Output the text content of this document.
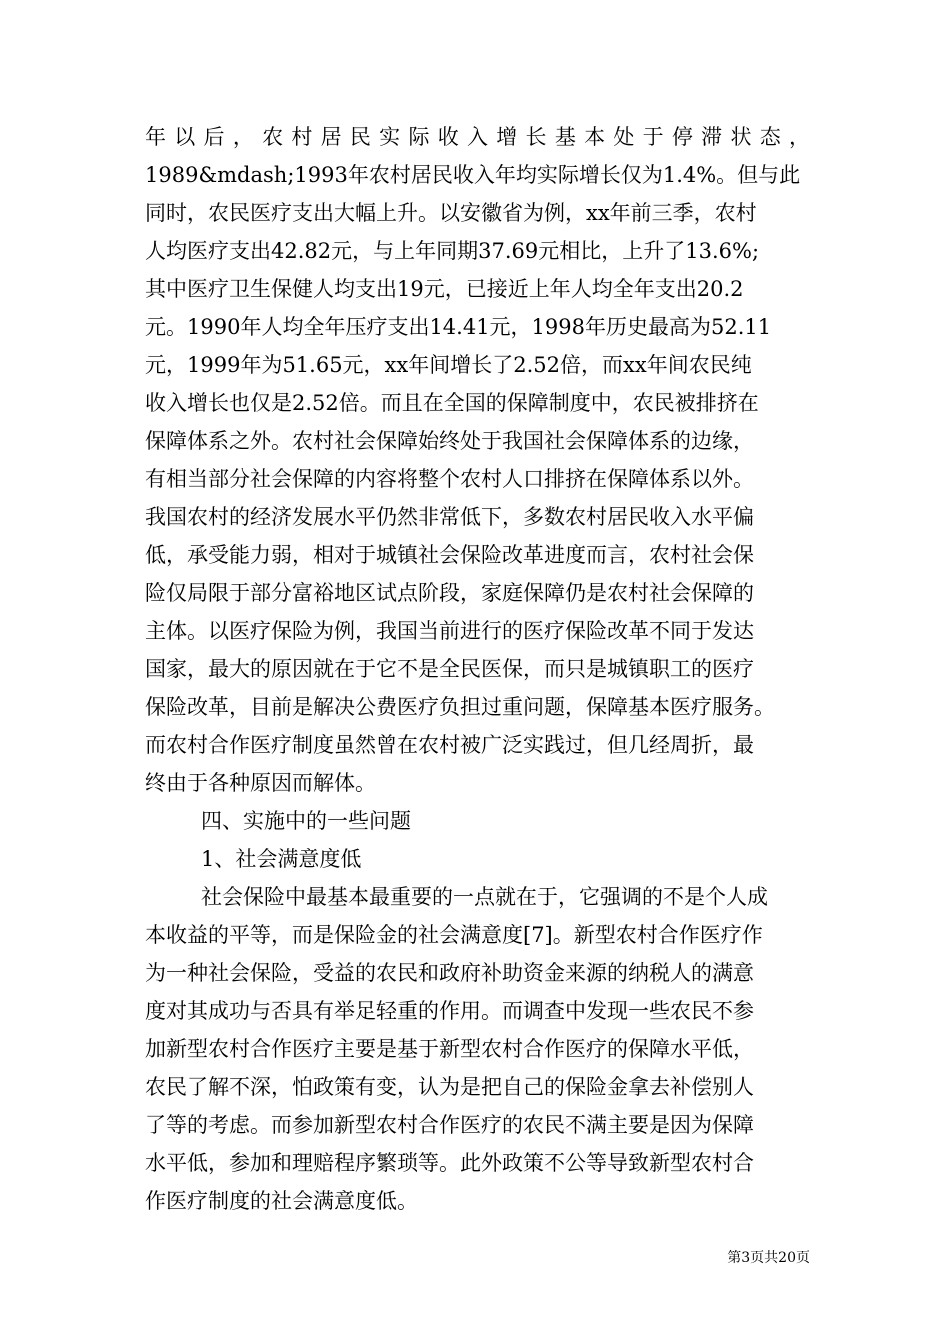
年以后，农村居民实际收入增长基本处于停滞状态，
1989&mdash;1993年农村居民收入年均实际增长仅为1.4%。但与此
同时，农民医疗支出大幅上升。以安徽省为例，xx年前三季，农村
人均医疗支出42.82元，与上年同期37.69元相比，上升了13.6%;
其中医疗卫生保健人均支出19元，已接近上年人均全年支出20.2
元。1990年人均全年压疗支出14.41元，1998年历史最高为52.11
元，1999年为51.65元，xx年间增长了2.52倍，而xx年间农民纯
收入增长也仅是2.52倍。而且在全国的保障制度中，农民被排挤在
保障体系之外。农村社会保障始终处于我国社会保障体系的边缘，
有相当部分社会保障的内容将整个农村人口排挤在保障体系以外。
我国农村的经济发展水平仍然非常低下，多数农村居民收入水平偏
低，承受能力弱，相对于城镇社会保险改革进度而言，农村社会保
险仅局限于部分富裕地区试点阶段，家庭保障仍是农村社会保障的
主体。以医疗保险为例，我国当前进行的医疗保险改革不同于发达
国家，最大的原因就在于它不是全民医保，而只是城镇职工的医疗
保险改革，目前是解决公费医疗负担过重问题，保障基本医疗服务。
而农村合作医疗制度虽然曾在农村被广泛实践过，但几经周折，最
终由于各种原因而解体。
四、实施中的一些问题
1、社会满意度低
社会保险中最基本最重要的一点就在于，它强调的不是个人成
本收益的平等，而是保险金的社会满意度[7]。新型农村合作医疗作
为一种社会保险，受益的农民和政府补助资金来源的纳税人的满意
度对其成功与否具有举足轻重的作用。而调查中发现一些农民不参
加新型农村合作医疗主要是基于新型农村合作医疗的保障水平低，
农民了解不深，怕政策有变，认为是把自己的保险金拿去补偿别人
了等的考虑。而参加新型农村合作医疗的农民不满主要是因为保障
水平低，参加和理赔程序繁琐等。此外政策不公等导致新型农村合
作医疗制度的社会满意度低。
第3页共20页
